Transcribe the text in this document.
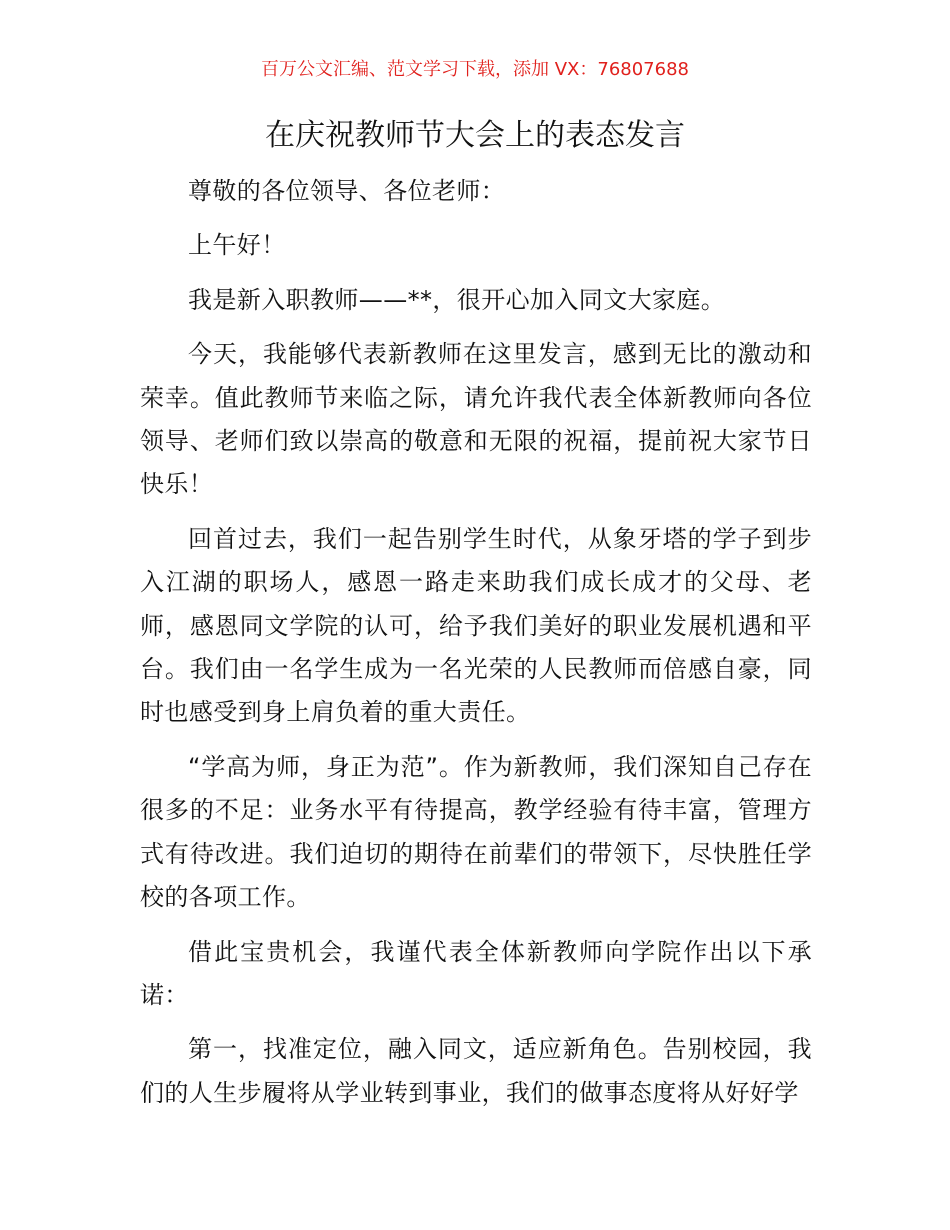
百万公文汇编、范文学习下载，添加 VX：76807688
在庆祝教师节大会上的表态发言

尊敬的各位领导、各位老师：

上午好！

我是新入职教师——**，很开心加入同文大家庭。

今天，我能够代表新教师在这里发言，感到无比的激动和荣幸。值此教师节来临之际，请允许我代表全体新教师向各位领导、老师们致以崇高的敬意和无限的祝福，提前祝大家节日快乐！

回首过去，我们一起告别学生时代，从象牙塔的学子到步入江湖的职场人，感恩一路走来助我们成长成才的父母、老师，感恩同文学院的认可，给予我们美好的职业发展机遇和平台。我们由一名学生成为一名光荣的人民教师而倍感自豪，同时也感受到身上肩负着的重大责任。

“学高为师，身正为范”。作为新教师，我们深知自己存在很多的不足：业务水平有待提高，教学经验有待丰富，管理方式有待改进。我们迫切的期待在前辈们的带领下，尽快胜任学校的各项工作。

借此宝贵机会，我谨代表全体新教师向学院作出以下承诺：

第一，找准定位，融入同文，适应新角色。告别校园，我们的人生步履将从学业转到事业，我们的做事态度将从好好学
